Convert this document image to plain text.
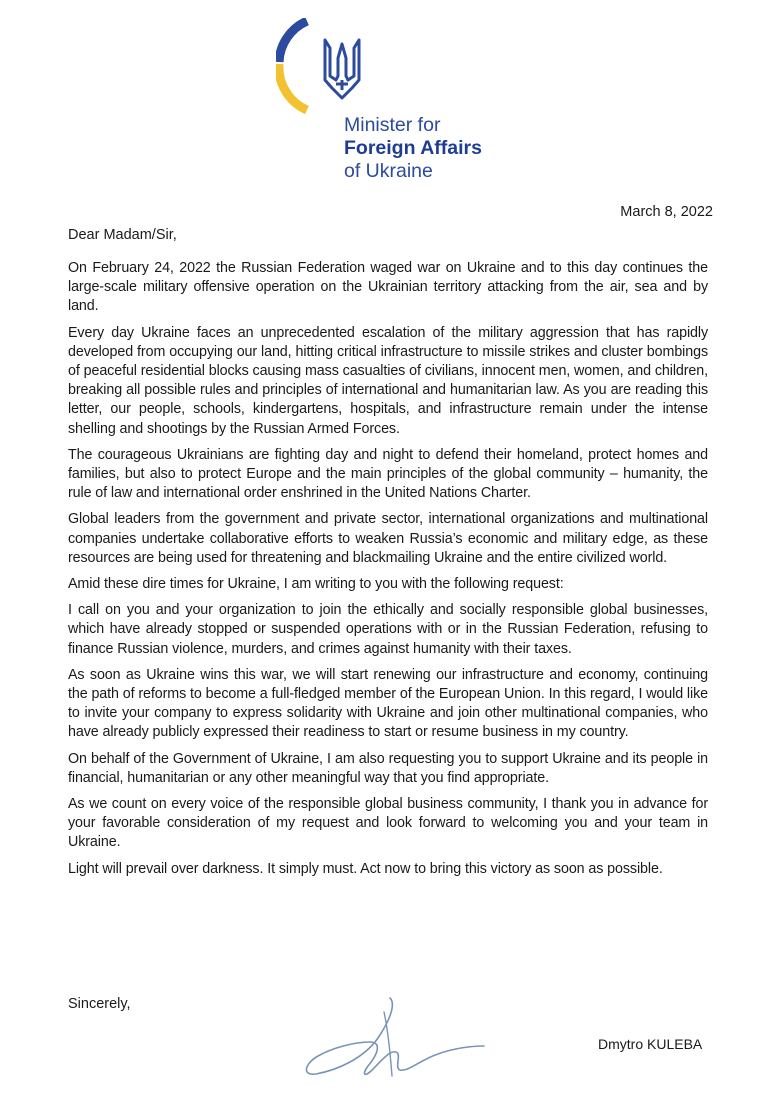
Minister for
Foreign Affairs
of Ukraine
March 8, 2022
Dear Madam/Sir,

On February 24, 2022 the Russian Federation waged war on Ukraine and to this day continues the large-scale military offensive operation on the Ukrainian territory attacking from the air, sea and by land.

Every day Ukraine faces an unprecedented escalation of the military aggression that has rapidly developed from occupying our land, hitting critical infrastructure to missile strikes and cluster bombings of peaceful residential blocks causing mass casualties of civilians, innocent men, women, and children, breaking all possible rules and principles of international and humanitarian law. As you are reading this letter, our people, schools, kindergartens, hospitals, and infrastructure remain under the intense shelling and shootings by the Russian Armed Forces.

The courageous Ukrainians are fighting day and night to defend their homeland, protect homes and families, but also to protect Europe and the main principles of the global community – humanity, the rule of law and international order enshrined in the United Nations Charter.

Global leaders from the government and private sector, international organizations and multinational companies undertake collaborative efforts to weaken Russia’s economic and military edge, as these resources are being used for threatening and blackmailing Ukraine and the entire civilized world.

Amid these dire times for Ukraine, I am writing to you with the following request:

I call on you and your organization to join the ethically and socially responsible global businesses, which have already stopped or suspended operations with or in the Russian Federation, refusing to finance Russian violence, murders, and crimes against humanity with their taxes.

As soon as Ukraine wins this war, we will start renewing our infrastructure and economy, continuing the path of reforms to become a full-fledged member of the European Union. In this regard, I would like to invite your company to express solidarity with Ukraine and join other multinational companies, who have already publicly expressed their readiness to start or resume business in my country.

On behalf of the Government of Ukraine, I am also requesting you to support Ukraine and its people in financial, humanitarian or any other meaningful way that you find appropriate.

As we count on every voice of the responsible global business community, I thank you in advance for your favorable consideration of my request and look forward to welcoming you and your team in Ukraine.

Light will prevail over darkness. It simply must. Act now to bring this victory as soon as possible.

Sincerely,
Dmytro KULEBA
